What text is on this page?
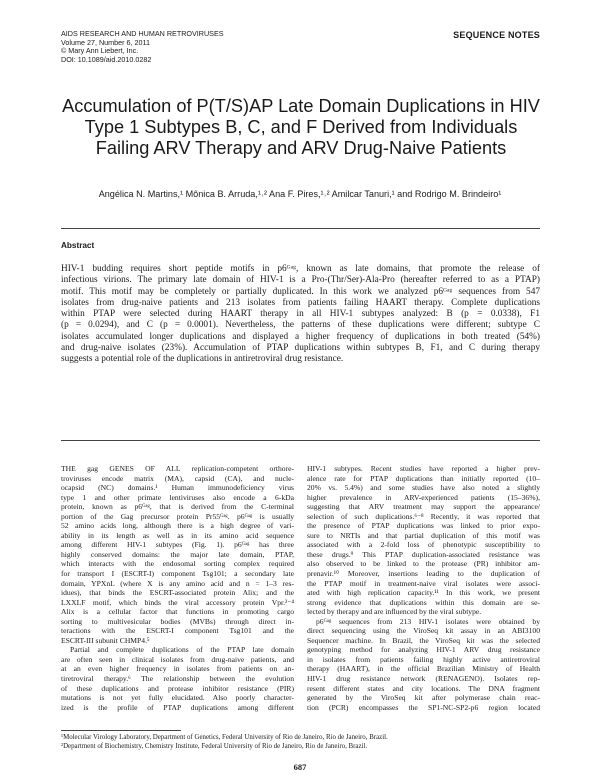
AIDS RESEARCH AND HUMAN RETROVIRUSES
Volume 27, Number 6, 2011
© Mary Ann Liebert, Inc.
DOI: 10.1089/aid.2010.0282
SEQUENCE NOTES
Accumulation of P(T/S)AP Late Domain Duplications in HIV
Type 1 Subtypes B, C, and F Derived from Individuals
Failing ARV Therapy and ARV Drug-Naive Patients
Angélica N. Martins,¹ Mônica B. Arruda,¹˒² Ana F. Pires,¹˒² Amilcar Tanuri,¹ and Rodrigo M. Brindeiro¹
Abstract
HIV-1 budding requires short peptide motifs in p6ᴳᵃᵍ, known as late domains, that promote the release of
infectious virions. The primary late domain of HIV-1 is a Pro-(Thr/Ser)-Ala-Pro (hereafter referred to as a PTAP)
motif. This motif may be completely or partially duplicated. In this work we analyzed p6ᴳᵃᵍ sequences from 547
isolates from drug-naive patients and 213 isolates from patients failing HAART therapy. Complete duplications
within PTAP were selected during HAART therapy in all HIV-1 subtypes analyzed: B (p = 0.0338), F1
(p = 0.0294), and C (p = 0.0001). Nevertheless, the patterns of these duplications were different; subtype C
isolates accumulated longer duplications and displayed a higher frequency of duplications in both treated (54%)
and drug-naive isolates (23%). Accumulation of PTAP duplications within subtypes B, F1, and C during therapy
suggests a potential role of the duplications in antiretroviral drug resistance.
THE gag GENES OF ALL replication-competent orthore-
troviruses encode matrix (MA), capsid (CA), and nucle-
ocapsid (NC) domains.¹ Human immunodeficiency virus
type 1 and other primate lentiviruses also encode a 6-kDa
protein, known as p6ᴳᵃᵍ, that is derived from the C-terminal
portion of the Gag precursor protein Pr55ᴳᵃᵍ. p6ᴳᵃᵍ is usually
52 amino acids long, although there is a high degree of vari-
ability in its length as well as in its amino acid sequence
among different HIV-1 subtypes (Fig. 1). p6ᴳᵃᵍ has three
highly conserved domains: the major late domain, PTAP,
which interacts with the endosomal sorting complex required
for transport I (ESCRT-I) component Tsg101; a secondary late
domain, YPXnL (where X is any amino acid and n = 1–3 res-
idues), that binds the ESCRT-associated protein Alix; and the
LXXLF motif, which binds the viral accessory protein Vpr.²⁻⁴
Alix is a cellular factor that functions in promoting cargo
sorting to multivesicular bodies (MVBs) through direct in-
teractions with the ESCRT-I component Tsg101 and the
ESCRT-III subunit CHMP4.⁵
Partial and complete duplications of the PTAP late domain
are often seen in clinical isolates from drug-naive patients, and
at an even higher frequency in isolates from patients on an-
tiretroviral therapy.⁶ The relationship between the evolution
of these duplications and protease inhibitor resistance (PIR)
mutations is not yet fully elucidated. Also poorly character-
ized is the profile of PTAP duplications among different
HIV-1 subtypes. Recent studies have reported a higher prev-
alence rate for PTAP duplications than initially reported (10–
20% vs. 5.4%) and some studies have also noted a slightly
higher prevalence in ARV-experienced patients (15–36%),
suggesting that ARV treatment may support the appearance/
selection of such duplications.⁶⁻⁸ Recently, it was reported that
the presence of PTAP duplications was linked to prior expo-
sure to NRTIs and that partial duplication of this motif was
associated with a 2-fold loss of phenotypic susceptibility to
these drugs.⁹ This PTAP duplication-associated resistance was
also observed to be linked to the protease (PR) inhibitor am-
prenavir.¹⁰ Moreover, insertions leading to the duplication of
the PTAP motif in treatment-naive viral isolates were associ-
ated with high replication capacity.¹¹ In this work, we present
strong evidence that duplications within this domain are se-
lected by therapy and are influenced by the viral subtype.
p6ᴳᵃᵍ sequences from 213 HIV-1 isolates were obtained by
direct sequencing using the ViroSeq kit assay in an ABI3100
Sequencer machine. In Brazil, the ViroSeq kit was the selected
genotyping method for analyzing HIV-1 ARV drug resistance
in isolates from patients failing highly active antiretroviral
therapy (HAART), in the official Brazilian Ministry of Health
HIV-1 drug resistance network (RENAGENO). Isolates rep-
resent different states and city locations. The DNA fragment
generated by the ViroSeq kit after polymerase chain reac-
tion (PCR) encompasses the SP1-NC-SP2-p6 region located
¹Molecular Virology Laboratory, Department of Genetics, Federal University of Rio de Janeiro, Rio de Janeiro, Brazil.
²Department of Biochemistry, Chemistry Institute, Federal University of Rio de Janeiro, Rio de Janeiro, Brazil.
687
